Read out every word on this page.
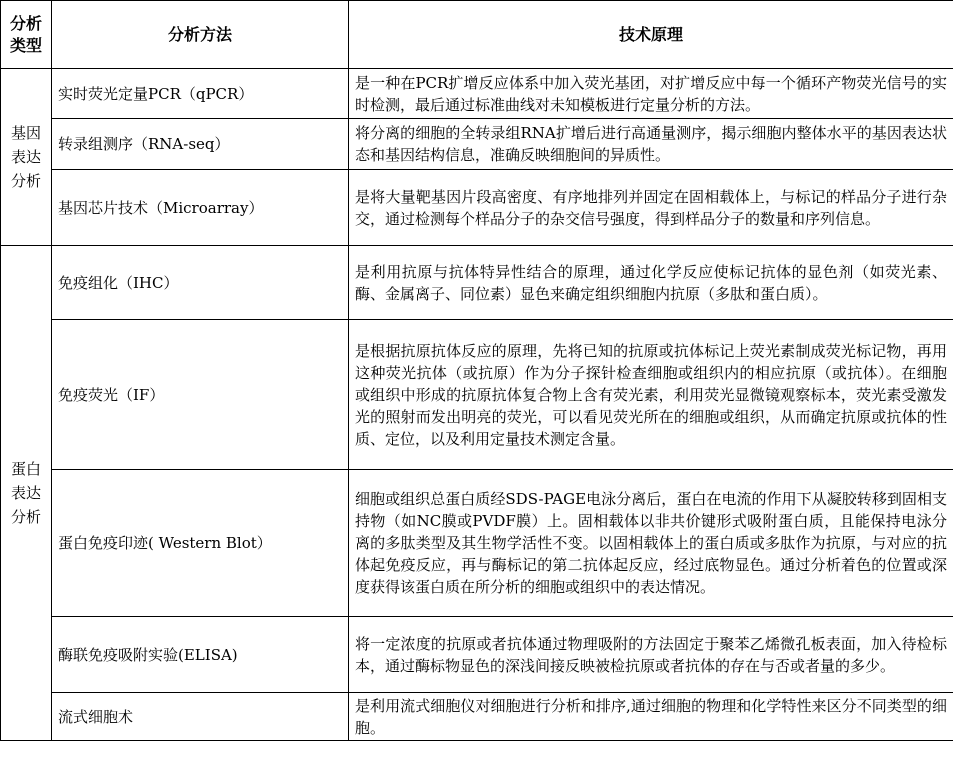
分析类型	分析方法	技术原理

基因表达分析	实时荧光定量PCR（qPCR）	是一种在PCR扩增反应体系中加入荧光基团，对扩增反应中每一个循环产物荧光信号的实时检测，最后通过标准曲线对未知模板进行定量分析的方法。
	转录组测序（RNA-seq）	将分离的细胞的全转录组RNA扩增后进行高通量测序，揭示细胞内整体水平的基因表达状态和基因结构信息，准确反映细胞间的异质性。
	基因芯片技术（Microarray）	是将大量靶基因片段高密度、有序地排列并固定在固相载体上，与标记的样品分子进行杂交，通过检测每个样品分子的杂交信号强度，得到样品分子的数量和序列信息。

蛋白表达分析	免疫组化（IHC）	是利用抗原与抗体特异性结合的原理，通过化学反应使标记抗体的显色剂（如荧光素、酶、金属离子、同位素）显色来确定组织细胞内抗原（多肽和蛋白质）。
	免疫荧光（IF）	是根据抗原抗体反应的原理，先将已知的抗原或抗体标记上荧光素制成荧光标记物，再用这种荧光抗体（或抗原）作为分子探针检查细胞或组织内的相应抗原（或抗体）。在细胞或组织中形成的抗原抗体复合物上含有荧光素，利用荧光显微镜观察标本，荧光素受激发光的照射而发出明亮的荧光，可以看见荧光所在的细胞或组织，从而确定抗原或抗体的性质、定位，以及利用定量技术测定含量。
	蛋白免疫印迹( Western Blot）	细胞或组织总蛋白质经SDS-PAGE电泳分离后，蛋白在电流的作用下从凝胶转移到固相支持物（如NC膜或PVDF膜）上。固相载体以非共价键形式吸附蛋白质，且能保持电泳分离的多肽类型及其生物学活性不变。以固相载体上的蛋白质或多肽作为抗原，与对应的抗体起免疫反应，再与酶标记的第二抗体起反应，经过底物显色。通过分析着色的位置或深度获得该蛋白质在所分析的细胞或组织中的表达情况。
	酶联免疫吸附实验(ELISA)	将一定浓度的抗原或者抗体通过物理吸附的方法固定于聚苯乙烯微孔板表面，加入待检标本，通过酶标物显色的深浅间接反映被检抗原或者抗体的存在与否或者量的多少。
	流式细胞术	是利用流式细胞仪对细胞进行分析和排序,通过细胞的物理和化学特性来区分不同类型的细胞。
